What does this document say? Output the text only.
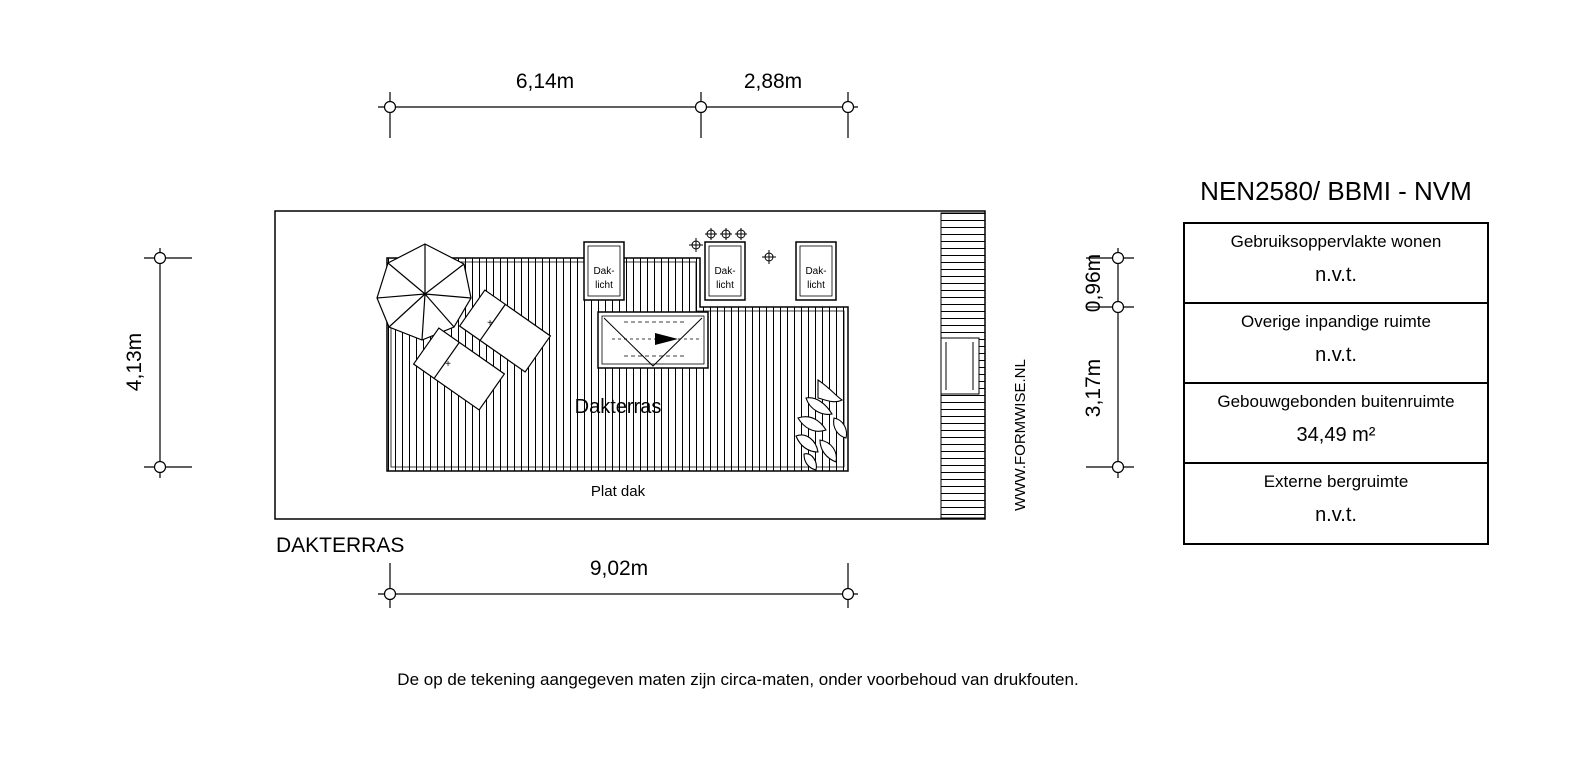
6,14m	2,88m
9,02m
4,13m
0,96m
3,17m
Dak-
licht
Dak-
licht
Dak-
licht
+
+
Dakterras
Plat dak
DAKTERRAS
WWW.FORMWISE.NL
NEN2580/ BBMI - NVM
Gebruiksoppervlakte wonen
n.v.t.
Overige inpandige ruimte
n.v.t.
Gebouwgebonden buitenruimte
34,49 m²
Externe bergruimte
n.v.t.
De op de tekening aangegeven maten zijn circa-maten, onder voorbehoud van drukfouten.
